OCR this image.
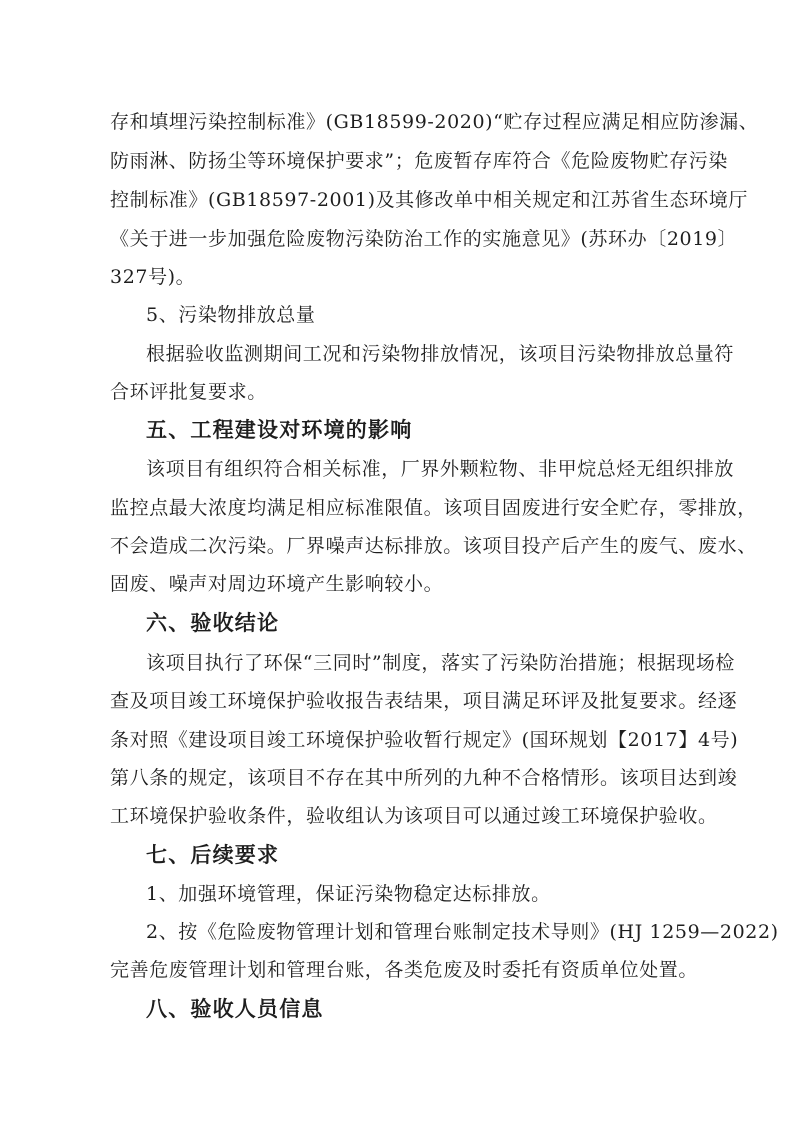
存和填埋污染控制标准》(GB18599-2020)“贮存过程应满足相应防渗漏、
防雨淋、防扬尘等环境保护要求”；危废暂存库符合《危险废物贮存污染
控制标准》(GB18597-2001)及其修改单中相关规定和江苏省生态环境厅
《关于进一步加强危险废物污染防治工作的实施意见》(苏环办〔2019〕
327号)。
5、污染物排放总量
根据验收监测期间工况和污染物排放情况，该项目污染物排放总量符
合环评批复要求。
五、工程建设对环境的影响
该项目有组织符合相关标准，厂界外颗粒物、非甲烷总烃无组织排放
监控点最大浓度均满足相应标准限值。该项目固废进行安全贮存，零排放，
不会造成二次污染。厂界噪声达标排放。该项目投产后产生的废气、废水、
固废、噪声对周边环境产生影响较小。
六、验收结论
该项目执行了环保“三同时”制度，落实了污染防治措施；根据现场检
查及项目竣工环境保护验收报告表结果，项目满足环评及批复要求。经逐
条对照《建设项目竣工环境保护验收暂行规定》(国环规划【2017】4号)
第八条的规定，该项目不存在其中所列的九种不合格情形。该项目达到竣
工环境保护验收条件，验收组认为该项目可以通过竣工环境保护验收。
七、后续要求
1、加强环境管理，保证污染物稳定达标排放。
2、按《危险废物管理计划和管理台账制定技术导则》(HJ 1259—2022)
完善危废管理计划和管理台账，各类危废及时委托有资质单位处置。
八、验收人员信息
